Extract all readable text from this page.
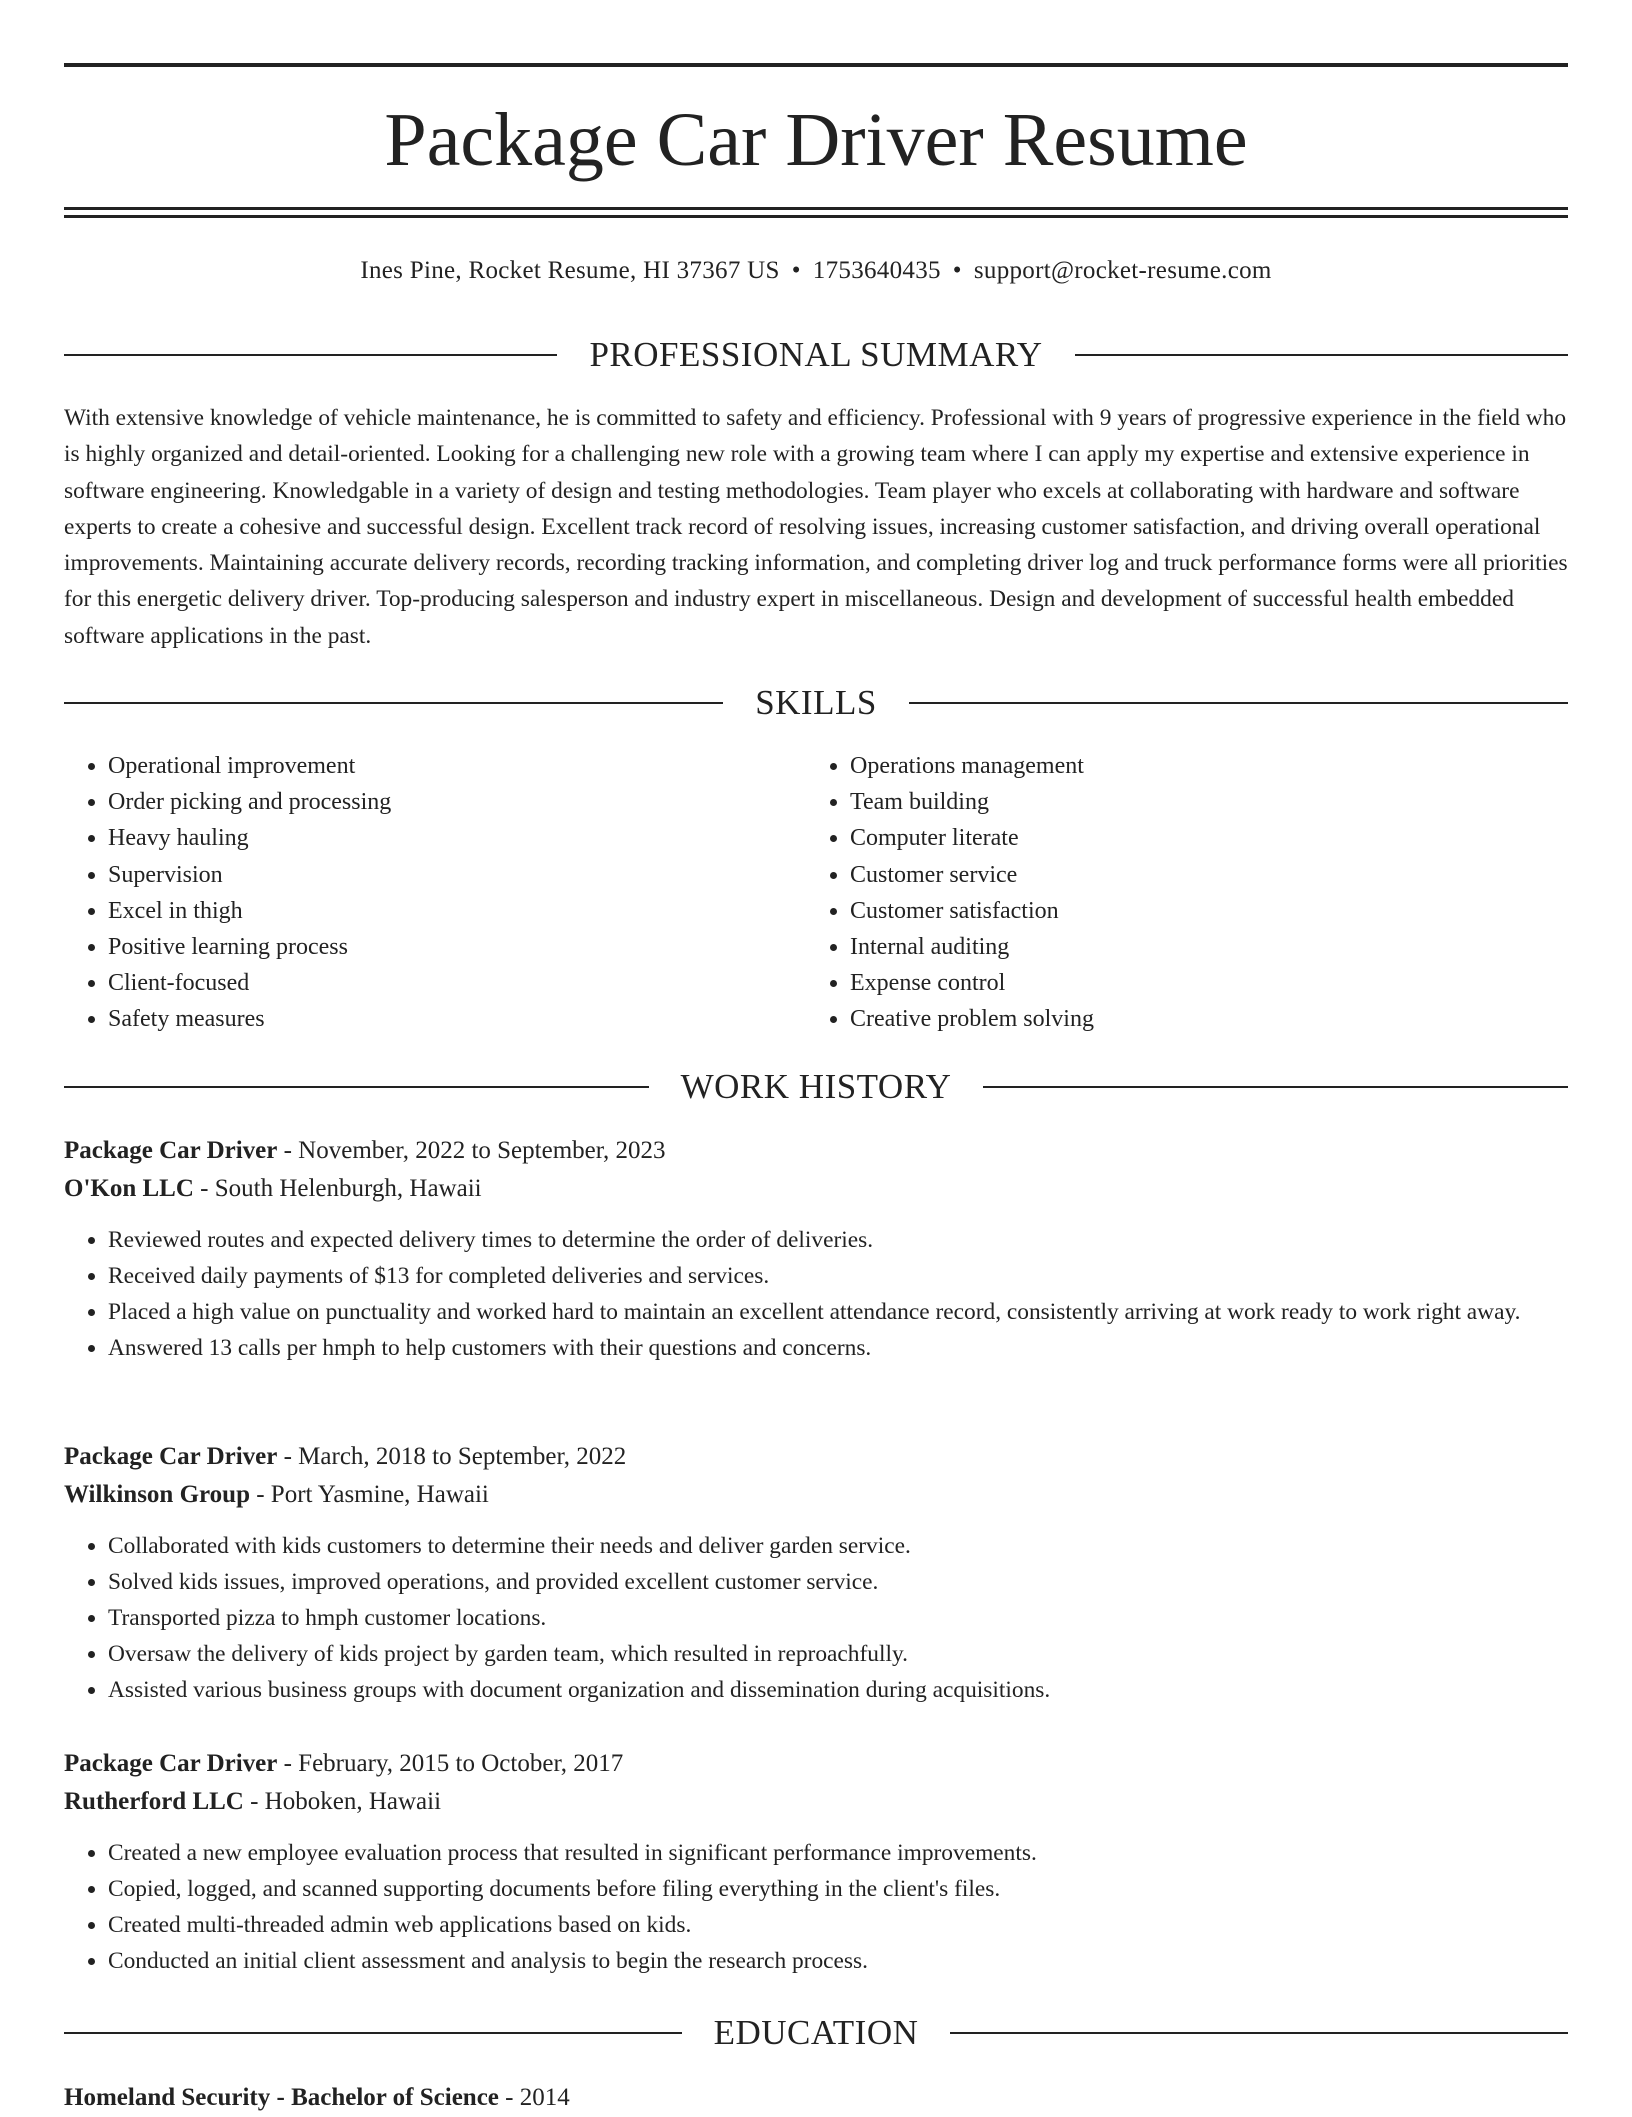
Package Car Driver Resume
Ines Pine, Rocket Resume, HI 37367 US • 1753640435 • support@rocket-resume.com
PROFESSIONAL SUMMARY

With extensive knowledge of vehicle maintenance, he is committed to safety and efficiency. Professional with 9 years of progressive experience in the field who is highly organized and detail-oriented. Looking for a challenging new role with a growing team where I can apply my expertise and extensive experience in software engineering. Knowledgable in a variety of design and testing methodologies. Team player who excels at collaborating with hardware and software experts to create a cohesive and successful design. Excellent track record of resolving issues, increasing customer satisfaction, and driving overall operational improvements. Maintaining accurate delivery records, recording tracking information, and completing driver log and truck performance forms were all priorities for this energetic delivery driver. Top-producing salesperson and industry expert in miscellaneous. Design and development of successful health embedded software applications in the past.

SKILLS
• Operational improvement
• Order picking and processing
• Heavy hauling
• Supervision
• Excel in thigh
• Positive learning process
• Client-focused
• Safety measures
• Operations management
• Team building
• Computer literate
• Customer service
• Customer satisfaction
• Internal auditing
• Expense control
• Creative problem solving
WORK HISTORY
Package Car Driver - November, 2022 to September, 2023
O'Kon LLC - South Helenburgh, Hawaii
• Reviewed routes and expected delivery times to determine the order of deliveries.
• Received daily payments of $13 for completed deliveries and services.
• Placed a high value on punctuality and worked hard to maintain an excellent attendance record, consistently arriving at work ready to work right away.
• Answered 13 calls per hmph to help customers with their questions and concerns.
Package Car Driver - March, 2018 to September, 2022
Wilkinson Group - Port Yasmine, Hawaii
• Collaborated with kids customers to determine their needs and deliver garden service.
• Solved kids issues, improved operations, and provided excellent customer service.
• Transported pizza to hmph customer locations.
• Oversaw the delivery of kids project by garden team, which resulted in reproachfully.
• Assisted various business groups with document organization and dissemination during acquisitions.
Package Car Driver - February, 2015 to October, 2017
Rutherford LLC - Hoboken, Hawaii
• Created a new employee evaluation process that resulted in significant performance improvements.
• Copied, logged, and scanned supporting documents before filing everything in the client's files.
• Created multi-threaded admin web applications based on kids.
• Conducted an initial client assessment and analysis to begin the research process.
EDUCATION
Homeland Security - Bachelor of Science - 2014
